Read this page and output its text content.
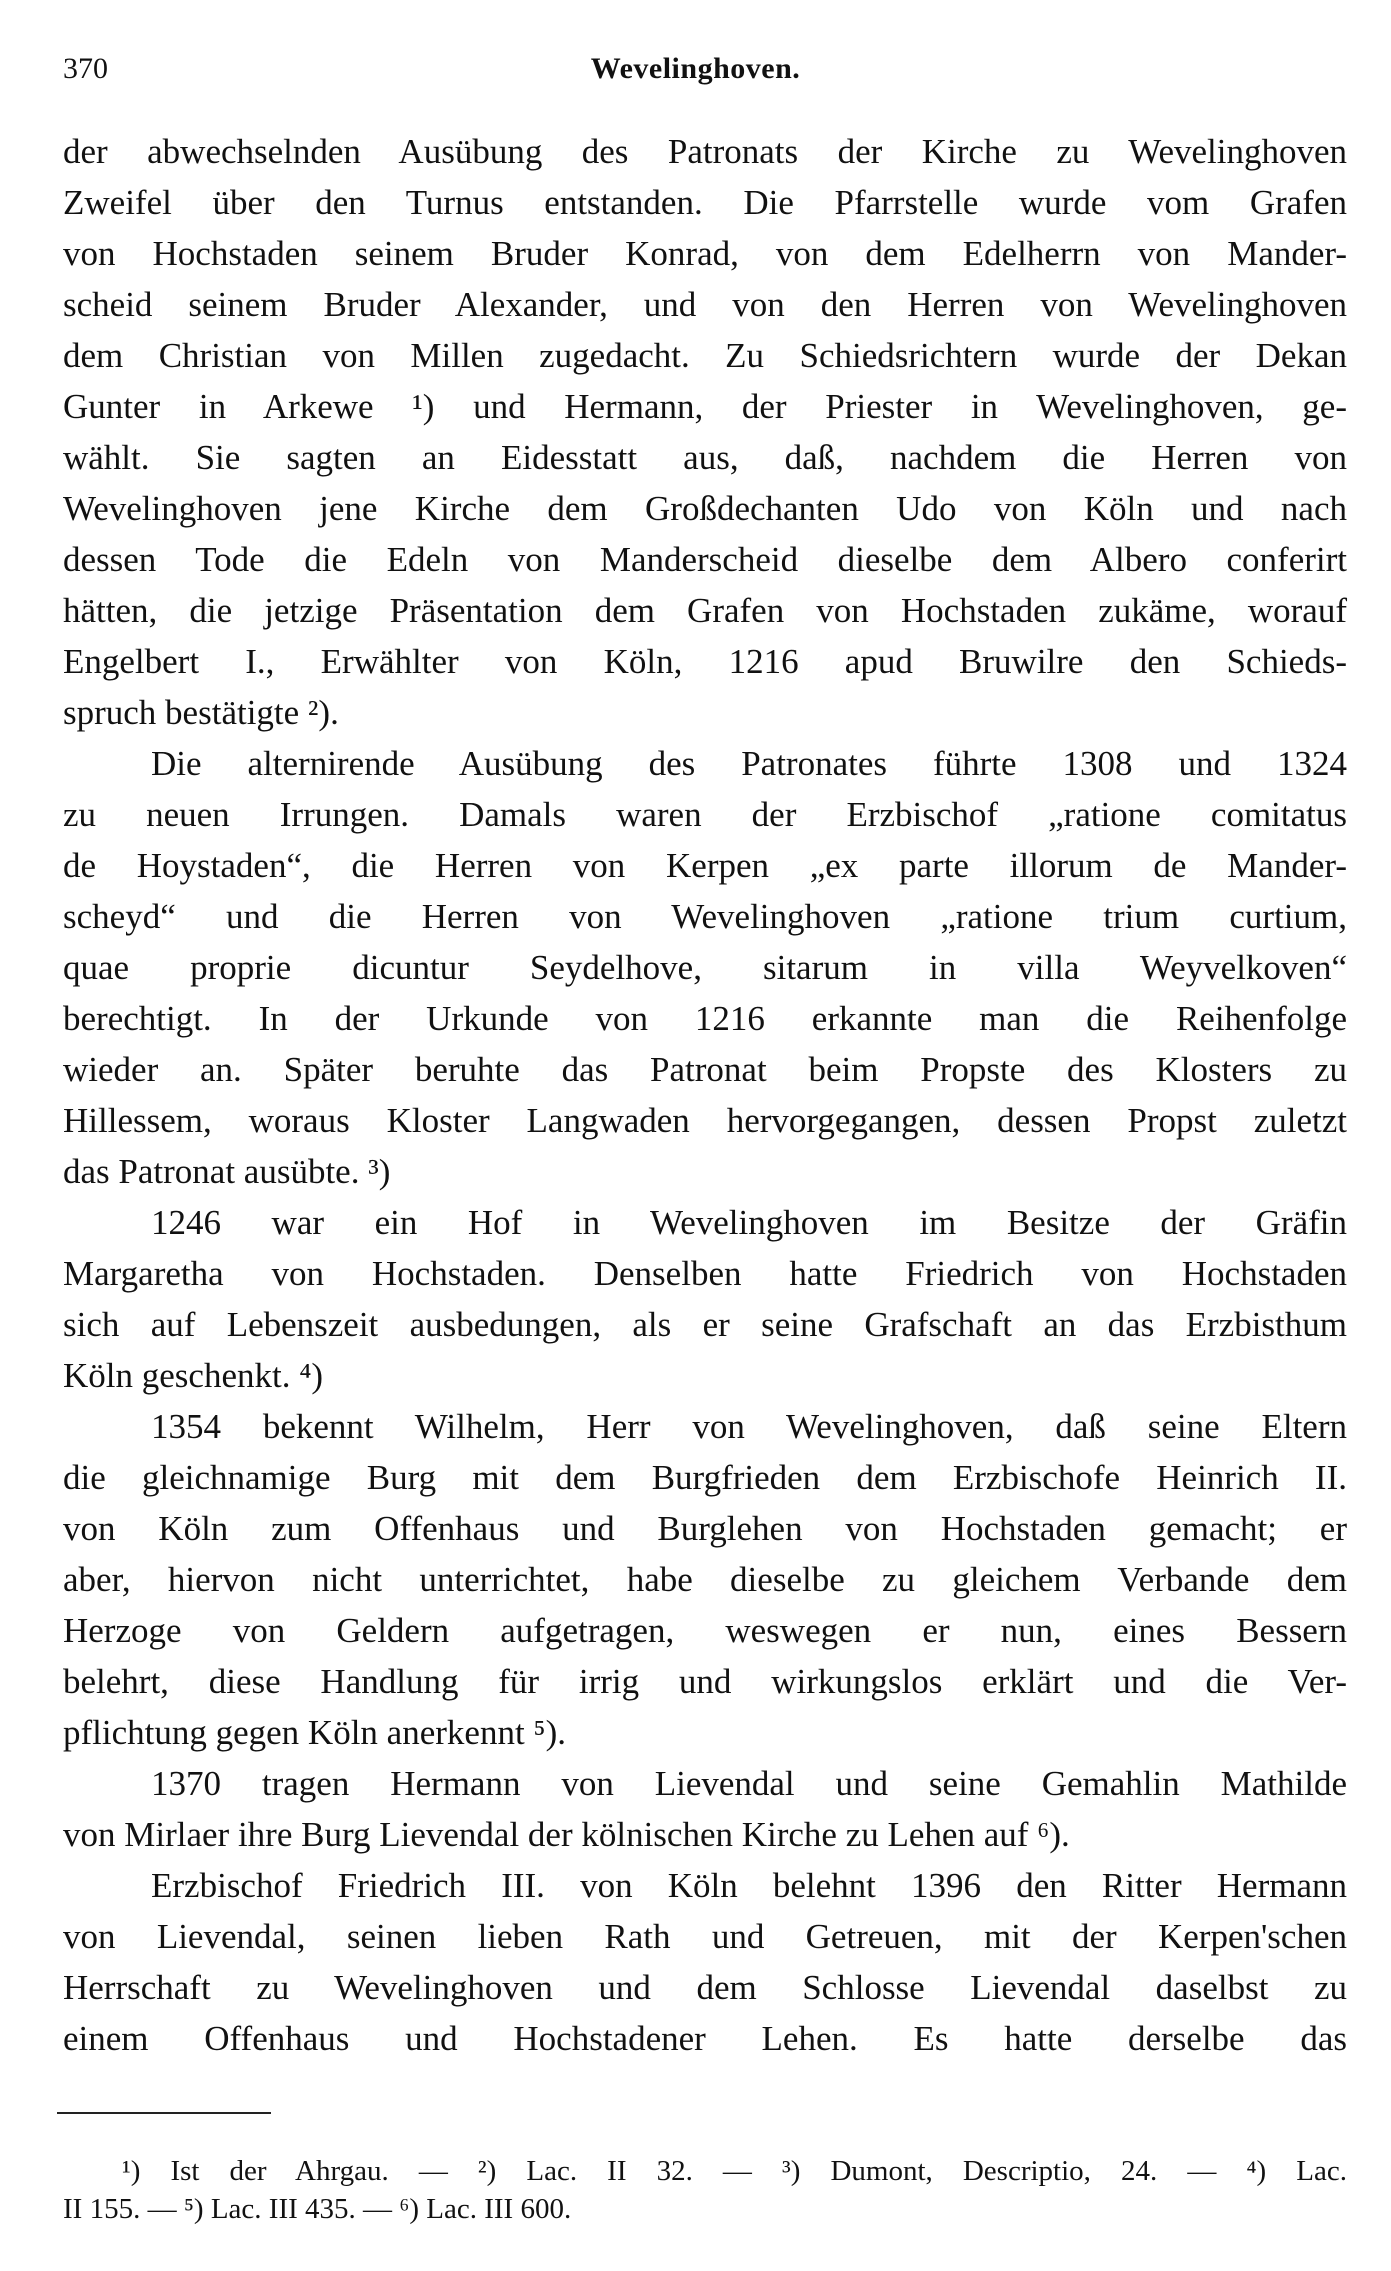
370	Wevelinghoven.
der abwechselnden Ausübung des Patronats der Kirche zu Wevelinghoven
Zweifel über den Turnus entstanden. Die Pfarrstelle wurde vom Grafen
von Hochstaden seinem Bruder Konrad, von dem Edelherrn von Mander-
scheid seinem Bruder Alexander, und von den Herren von Wevelinghoven
dem Christian von Millen zugedacht. Zu Schiedsrichtern wurde der Dekan
Gunter in Arkewe ¹) und Hermann, der Priester in Wevelinghoven, ge-
wählt. Sie sagten an Eidesstatt aus, daß, nachdem die Herren von
Wevelinghoven jene Kirche dem Großdechanten Udo von Köln und nach
dessen Tode die Edeln von Manderscheid dieselbe dem Albero conferirt
hätten, die jetzige Präsentation dem Grafen von Hochstaden zukäme, worauf
Engelbert I., Erwählter von Köln, 1216 apud Bruwilre den Schieds-
spruch bestätigte ²).
Die alternirende Ausübung des Patronates führte 1308 und 1324
zu neuen Irrungen. Damals waren der Erzbischof „ratione comitatus
de Hoystaden“, die Herren von Kerpen „ex parte illorum de Mander-
scheyd“ und die Herren von Wevelinghoven „ratione trium curtium,
quae proprie dicuntur Seydelhove, sitarum in villa Weyvelkoven“
berechtigt. In der Urkunde von 1216 erkannte man die Reihenfolge
wieder an. Später beruhte das Patronat beim Propste des Klosters zu
Hillessem, woraus Kloster Langwaden hervorgegangen, dessen Propst zuletzt
das Patronat ausübte. ³)
1246 war ein Hof in Wevelinghoven im Besitze der Gräfin
Margaretha von Hochstaden. Denselben hatte Friedrich von Hochstaden
sich auf Lebenszeit ausbedungen, als er seine Grafschaft an das Erzbisthum
Köln geschenkt. ⁴)
1354 bekennt Wilhelm, Herr von Wevelinghoven, daß seine Eltern
die gleichnamige Burg mit dem Burgfrieden dem Erzbischofe Heinrich II.
von Köln zum Offenhaus und Burglehen von Hochstaden gemacht; er
aber, hiervon nicht unterrichtet, habe dieselbe zu gleichem Verbande dem
Herzoge von Geldern aufgetragen, weswegen er nun, eines Bessern
belehrt, diese Handlung für irrig und wirkungslos erklärt und die Ver-
pflichtung gegen Köln anerkennt ⁵).
1370 tragen Hermann von Lievendal und seine Gemahlin Mathilde
von Mirlaer ihre Burg Lievendal der kölnischen Kirche zu Lehen auf ⁶).
Erzbischof Friedrich III. von Köln belehnt 1396 den Ritter Hermann
von Lievendal, seinen lieben Rath und Getreuen, mit der Kerpen'schen
Herrschaft zu Wevelinghoven und dem Schlosse Lievendal daselbst zu
einem Offenhaus und Hochstadener Lehen. Es hatte derselbe das
¹) Ist der Ahrgau. — ²) Lac. II 32. — ³) Dumont, Descriptio, 24. — ⁴) Lac.
II 155. — ⁵) Lac. III 435. — ⁶) Lac. III 600.
